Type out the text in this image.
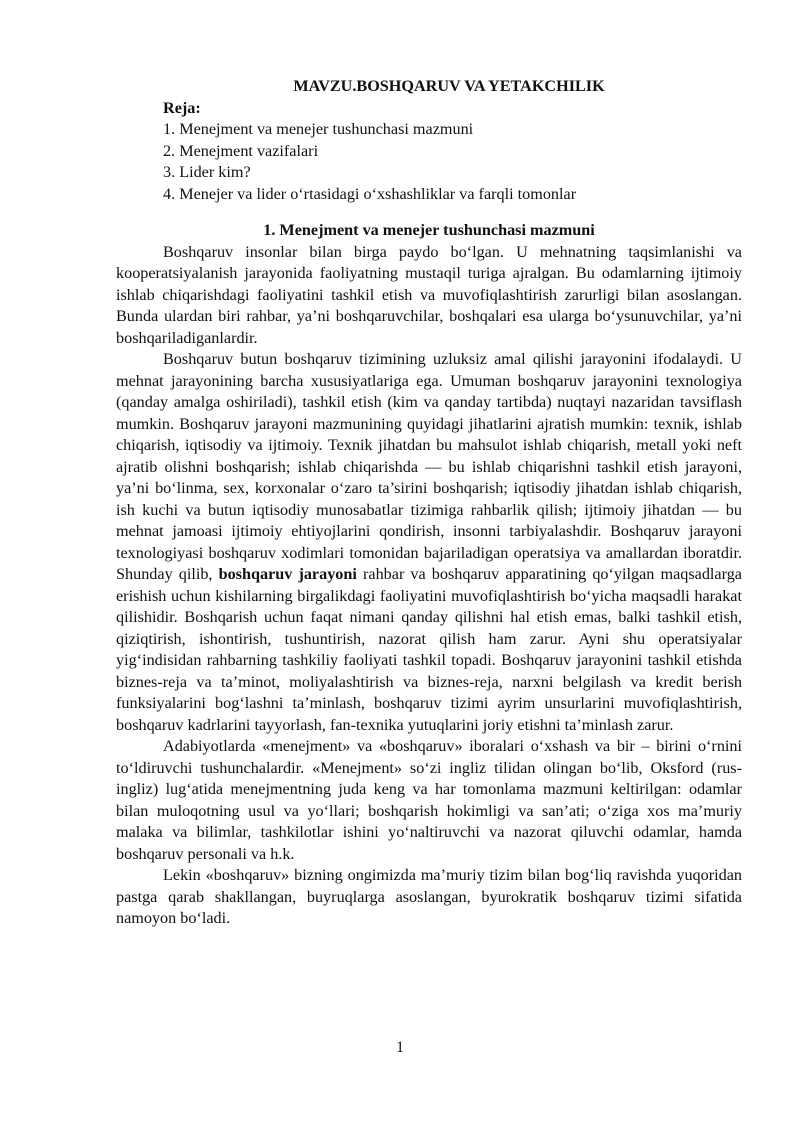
MAVZU.BOSHQARUV VA YETAKCHILIK
Reja:
1. Menejment va menejer tushunchasi mazmuni
2. Menejment vazifalari
3. Lider kim?
4. Menejer va lider o‘rtasidagi o‘xshashliklar va farqli tomonlar
1. Menejment va menejer tushunchasi mazmuni

Boshqaruv insonlar bilan birga paydo bo‘lgan. U mehnatning taqsimlanishi va kooperatsiyalanish jarayonida faoliyatning mustaqil turiga ajralgan. Bu odamlarning ijtimoiy ishlab chiqarishdagi faoliyatini tashkil etish va muvofiqlashtirish zarurligi bilan asoslangan. Bunda ulardan biri rahbar, ya’ni boshqaruvchilar, boshqalari esa ularga bo‘ysunuvchilar, ya’ni boshqariladiganlardir.

Boshqaruv butun boshqaruv tizimining uzluksiz amal qilishi jarayonini ifodalaydi. U mehnat jarayonining barcha xususiyatlariga ega. Umuman boshqaruv jarayonini texnologiya (qanday amalga oshiriladi), tashkil etish (kim va qanday tartibda) nuqtayi nazaridan tavsiflash mumkin. Boshqaruv jarayoni mazmunining quyidagi jihatlarini ajratish mumkin: texnik, ishlab chiqarish, iqtisodiy va ijtimoiy. Texnik jihatdan bu mahsulot ishlab chiqarish, metall yoki neft ajratib olishni boshqarish; ishlab chiqarishda — bu ishlab chiqarishni tashkil etish jarayoni, ya’ni bo‘linma, sex, korxonalar o‘zaro ta’sirini boshqarish; iqtisodiy jihatdan ishlab chiqarish, ish kuchi va butun iqtisodiy munosabatlar tizimiga rahbarlik qilish; ijtimoiy jihatdan — bu mehnat jamoasi ijtimoiy ehtiyojlarini qondirish, insonni tarbiyalashdir. Boshqaruv jarayoni texnologiyasi boshqaruv xodimlari tomonidan bajariladigan operatsiya va amallardan iboratdir. Shunday qilib, boshqaruv jarayoni rahbar va boshqaruv apparatining qo‘yilgan maqsadlarga erishish uchun kishilarning birgalikdagi faoliyatini muvofiqlashtirish bo‘yicha maqsadli harakat qilishidir. Boshqarish uchun faqat nimani qanday qilishni hal etish emas, balki tashkil etish, qiziqtirish, ishontirish, tushuntirish, nazorat qilish ham zarur. Ayni shu operatsiyalar yig‘indisidan rahbarning tashkiliy faoliyati tashkil topadi. Boshqaruv jarayonini tashkil etishda biznes-reja va ta’minot, moliyalashtirish va biznes-reja, narxni belgilash va kredit berish funksiyalarini bog‘lashni ta’minlash, boshqaruv tizimi ayrim unsurlarini muvofiqlashtirish, boshqaruv kadrlarini tayyorlash, fan-texnika yutuqlarini joriy etishni ta’minlash zarur.

Adabiyotlarda «menejment» va «boshqaruv» iboralari o‘xshash va bir – birini o‘rnini to‘ldiruvchi tushunchalardir. «Menejment» so‘zi ingliz tilidan olingan bo‘lib, Oksford (rus-ingliz) lug‘atida menejmentning juda keng va har tomonlama mazmuni keltirilgan: odamlar bilan muloqotning usul va yo‘llari; boshqarish hokimligi va san’ati; o‘ziga xos ma’muriy malaka va bilimlar, tashkilotlar ishini yo‘naltiruvchi va nazorat qiluvchi odamlar, hamda boshqaruv personali va h.k.

Lekin «boshqaruv» bizning ongimizda ma’muriy tizim bilan bog‘liq ravishda yuqoridan pastga qarab shakllangan, buyruqlarga asoslangan, byurokratik boshqaruv tizimi sifatida namoyon bo‘ladi.

1
